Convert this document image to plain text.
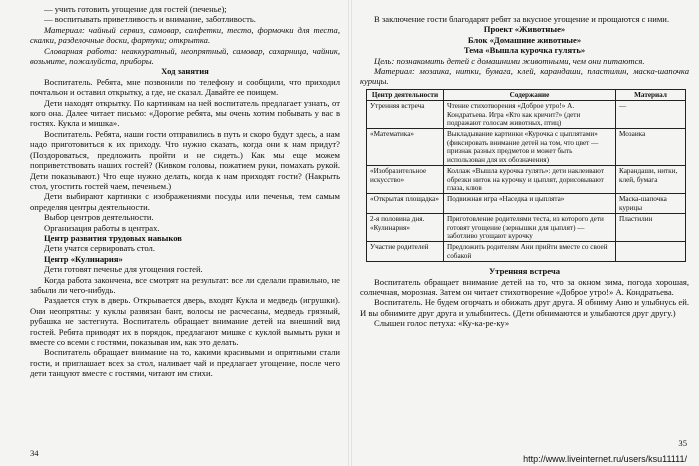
— учить готовить угощение для гостей (печенье);

— воспитывать приветливость и внимание, заботливость.

Материал: чайный сервиз, самовар, салфетки, тесто, формочки для теста, скалки, разделочные доски, фартуки; открытка.

Словарная работа: неаккуратный, неопрятный, самовар, сахарница, чайник, возьмите, пожалуйста, приборы.

Ход занятия

Воспитатель. Ребята, мне позвонили по телефону и сообщили, что приходил почтальон и оставил открытку, а где, не сказал. Давайте ее поищем.

Дети находят открытку. По картинкам на ней воспитатель предлагает узнать, от кого она. Далее читает письмо: «Дорогие ребята, мы очень хотим побывать у вас в гостях. Кукла и мишка».

Воспитатель. Ребята, наши гости отправились в путь и скоро будут здесь, а нам надо приготовиться к их приходу. Что нужно сказать, когда они к нам придут? (Поздороваться, предложить пройти и не сидеть.) Как мы еще можем поприветствовать наших гостей? (Кивком головы, пожатием руки, помахать рукой. Дети показывают.) Что еще нужно делать, когда к нам приходят гости? (Накрыть стол, угостить гостей чаем, печеньем.)

Дети выбирают картинки с изображениями посуды или печенья, тем самым определяя центры деятельности.

Выбор центров деятельности.

Организация работы в центрах.

Центр развития трудовых навыков

Дети учатся сервировать стол.

Центр «Кулинария»

Дети готовят печенье для угощения гостей.

Когда работа закончена, все смотрят на результат: все ли сделали правильно, не забыли ли чего-нибудь.

Раздается стук в дверь. Открывается дверь, входят Кукла и медведь (игрушки). Они неопрятны: у куклы развязан бант, волосы не расчесаны, медведь грязный, рубашка не застегнута. Воспитатель обращает внимание детей на внешний вид гостей. Ребята приводят их в порядок, предлагают мишке с куклой вымыть руки и вместе со всеми с гостями, показывая им, как это делать.

Воспитатель обращает внимание на то, какими красивыми и опрятными стали гости, и приглашает всех за стол, наливает чай и предлагает угощение, после чего дети танцуют вместе с гостями, читают им стихи.

34

В заключение гости благодарят ребят за вкусное угощение и прощаются с ними.

Проект «Животные»

Блок «Домашние животные»

Тема «Вышла курочка гулять»

Цель: познакомить детей с домашними животными, чем они питаются.

Материал: мозаика, нитки, бумага, клей, карандаши, пластилин, маска-шапочка курицы.

Центр деятельности	Содержание	Материал
Утренняя встреча	Чтение стихотворения «Доброе утро!» А. Кондратьева. Игра «Кто как кричит?» (дети подражают голосам животных, птиц)	—
«Математика»	Выкладывание картинки «Курочка с цыплятами» (фиксировать внимание детей на том, что цвет — признак разных предметов и может быть использован для их обозначения)	Мозаика
«Изобразительное искусство»	Коллаж «Вышла курочка гулять»: дети наклеивают обрезки ниток на курочку и цыплят, дорисовывают глаза, клюв	Карандаши, нитки, клей, бумага
«Открытая площадка»	Подвижная игра «Наседка и цыплята»	Маска-шапочка курицы
2-я половина дня. «Кулинария»	Приготовление родителями теста, из которого дети готовят угощение (зернышки для цыплят) — заботливо угощают курочку	Пластилин
Участие родителей	Предложить родителям Ани прийти вместе со своей собакой	

Утренняя встреча

Воспитатель обращает внимание детей на то, что за окном зима, погода хорошая, солнечная, морозная. Затем он читает стихотворение «Доброе утро!» А. Кондратьева.

Воспитатель. Не будем огорчать и обижать друг друга. Я обниму Аню и улыбнусь ей. И вы обнимите друг друга и улыбнитесь. (Дети обнимаются и улыбаются друг другу.)

Слышен голос петуха: «Ку-ка-ре-ку»

35
http://www.liveinternet.ru/users/ksu11111/
